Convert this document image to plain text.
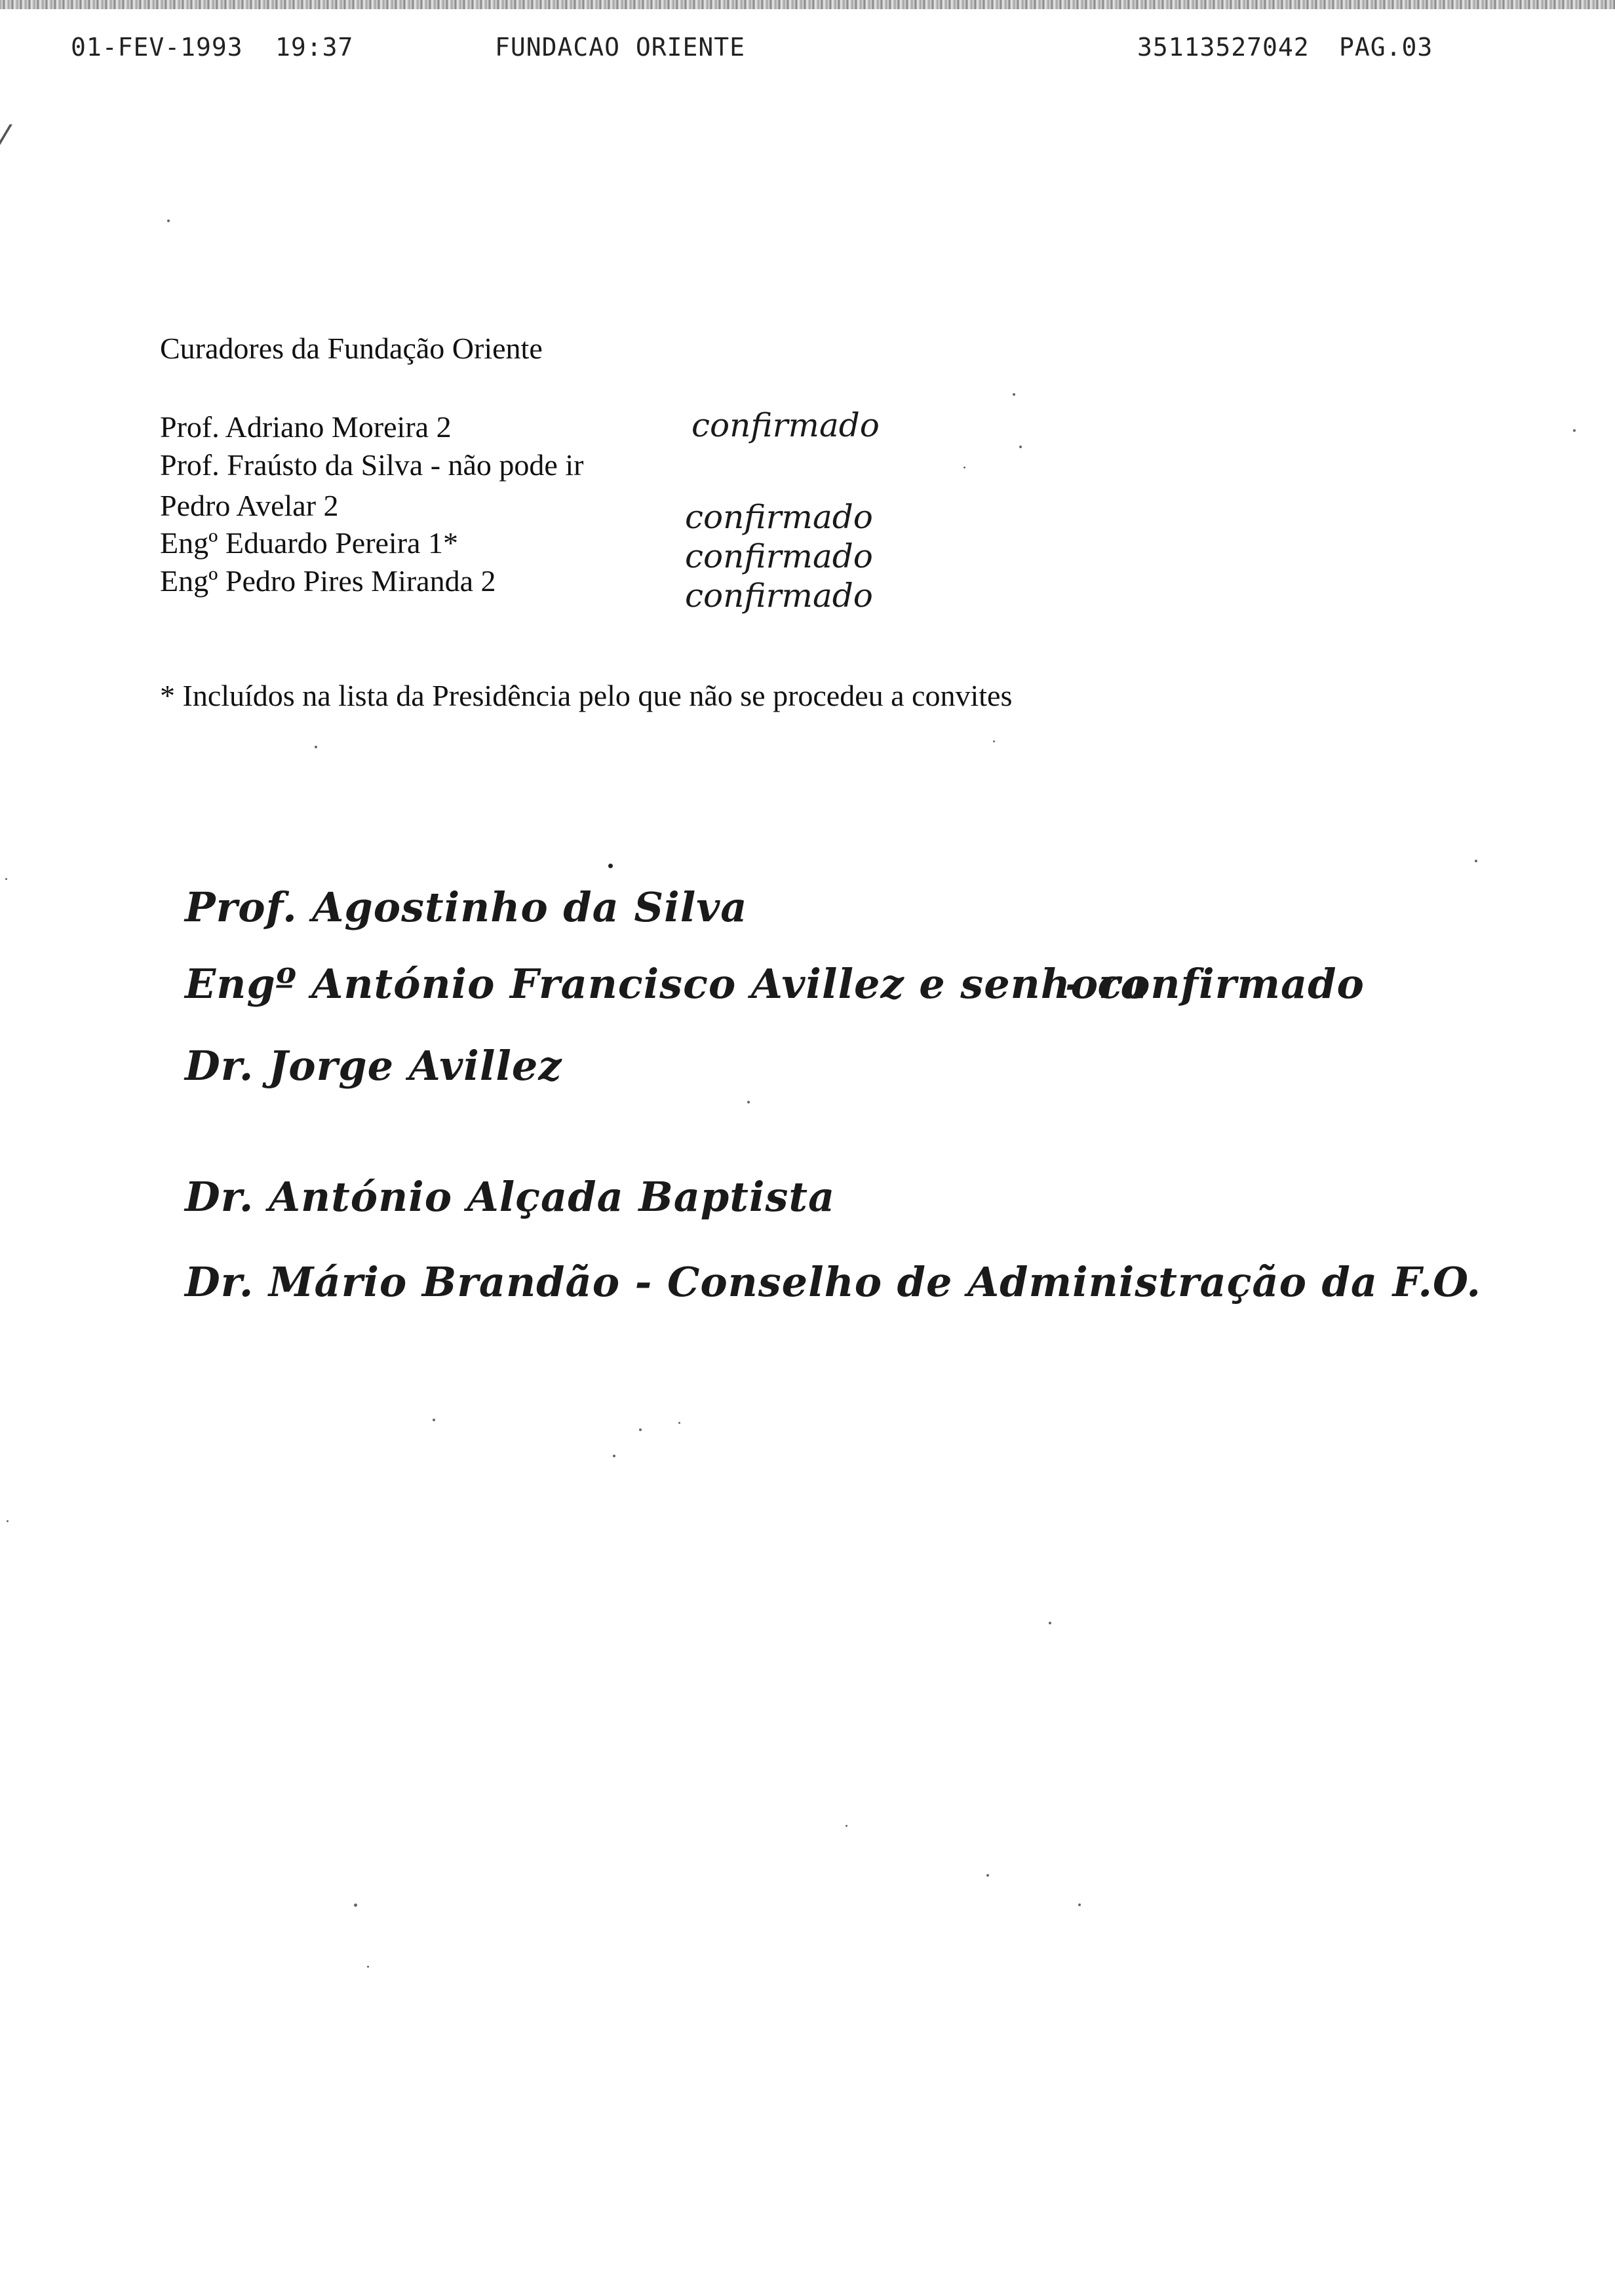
⁄
01-FEV-1993 19:37	FUNDACAO ORIENTE	35113527042 PAG.03
Curadores da Fundação Oriente
Prof. Adriano Moreira 2
Prof. Fraústo da Silva - não pode ir
Pedro Avelar 2
Engº Eduardo Pereira 1*
Engº Pedro Pires Miranda 2
* Incluídos na lista da Presidência pelo que não se procedeu a convites
confirmado
confirmado
confirmado
confirmado
Prof. Agostinho da Silva
Engº António Francisco Avillez e senhora
- confirmado
Dr. Jorge Avillez
Dr. António Alçada Baptista
Dr. Mário Brandão - Conselho de Administração da F.O.
